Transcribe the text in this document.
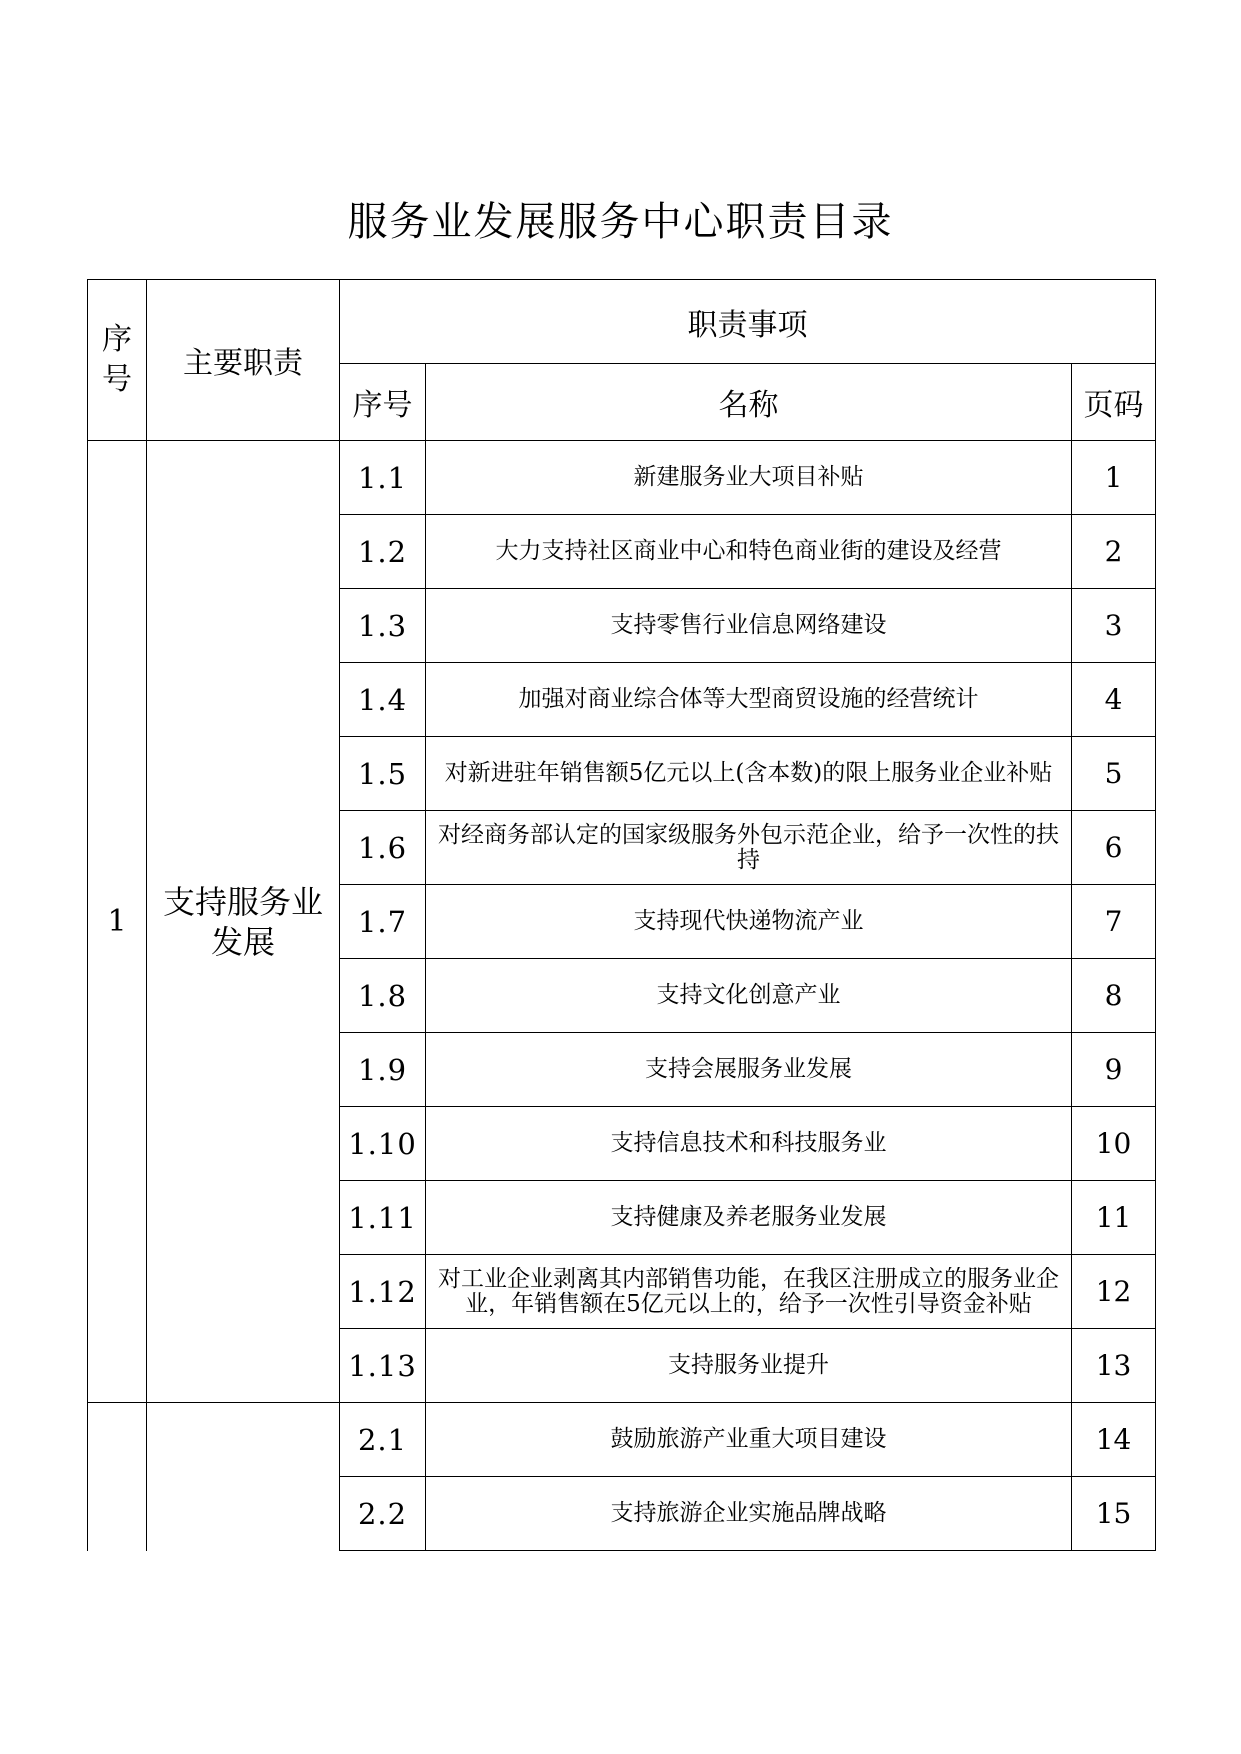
服务业发展服务中心职责目录
序号	主要职责	职责事项		
		序号	名称	页码
1	支持服务业发展	1.1	新建服务业大项目补贴	1
		1.2	大力支持社区商业中心和特色商业街的建设及经营	2
		1.3	支持零售行业信息网络建设	3
		1.4	加强对商业综合体等大型商贸设施的经营统计	4
		1.5	对新进驻年销售额5亿元以上(含本数)的限上服务业企业补贴	5
		1.6	对经商务部认定的国家级服务外包示范企业，给予一次性的扶持	6
		1.7	支持现代快递物流产业	7
		1.8	支持文化创意产业	8
		1.9	支持会展服务业发展	9
		1.10	支持信息技术和科技服务业	10
		1.11	支持健康及养老服务业发展	11
		1.12	对工业企业剥离其内部销售功能，在我区注册成立的服务业企业，年销售额在5亿元以上的，给予一次性引导资金补贴	12
		1.13	支持服务业提升	13
		2.1	鼓励旅游产业重大项目建设	14
		2.2	支持旅游企业实施品牌战略	15
